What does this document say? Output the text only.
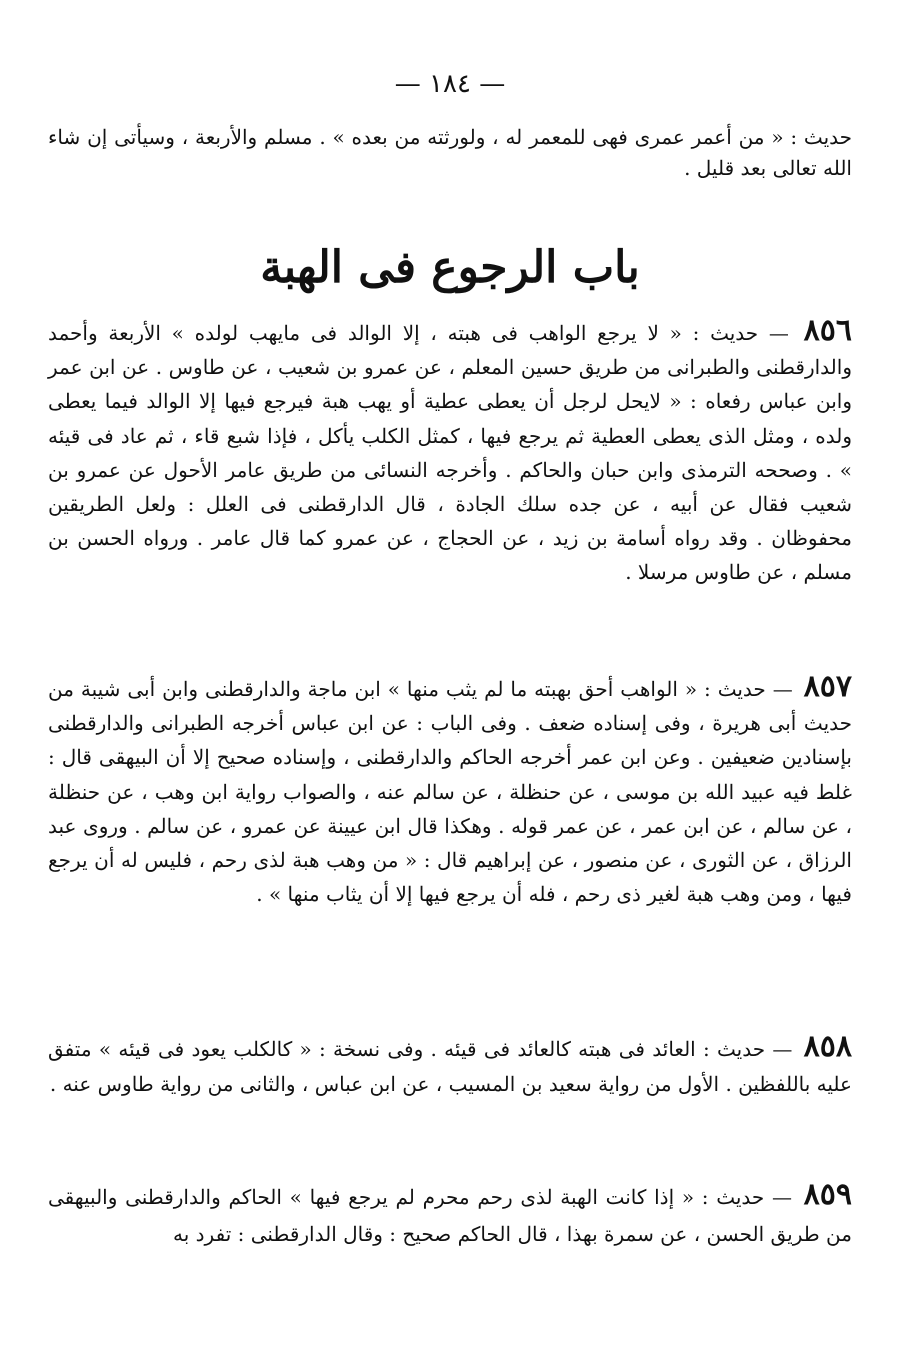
— ١٨٤ —

حديث : « من أعمر عمرى فهى للمعمر له ، ولورثته من بعده » . مسلم والأربعة ، وسيأتى إن شاء الله تعالى بعد قليل .

باب الرجوع فى الهبة

٨٥٦ — حديث : « لا يرجع الواهب فى هبته ، إلا الوالد فى مايهب لولده » الأربعة وأحمد والدارقطنى والطبرانى من طريق حسين المعلم ، عن عمرو بن شعيب ، عن طاوس . عن ابن عمر وابن عباس رفعاه : « لايحل لرجل أن يعطى عطية أو يهب هبة فيرجع فيها إلا الوالد فيما يعطى ولده ، ومثل الذى يعطى العطية ثم يرجع فيها ، كمثل الكلب يأكل ، فإذا شبع قاء ، ثم عاد فى قيئه » . وصححه الترمذى وابن حبان والحاكم . وأخرجه النسائى من طريق عامر الأحول عن عمرو بن شعيب فقال عن أبيه ، عن جده سلك الجادة ، قال الدارقطنى فى العلل : ولعل الطريقين محفوظان . وقد رواه أسامة بن زيد ، عن الحجاج ، عن عمرو كما قال عامر . ورواه الحسن بن مسلم ، عن طاوس مرسلا .

٨٥٧ — حديث : « الواهب أحق بهبته ما لم يثب منها » ابن ماجة والدارقطنى وابن أبى شيبة من حديث أبى هريرة ، وفى إسناده ضعف . وفى الباب : عن ابن عباس أخرجه الطبرانى والدارقطنى بإسنادين ضعيفين . وعن ابن عمر أخرجه الحاكم والدارقطنى ، وإسناده صحيح إلا أن البيهقى قال : غلط فيه عبيد الله بن موسى ، عن حنظلة ، عن سالم عنه ، والصواب رواية ابن وهب ، عن حنظلة ، عن سالم ، عن ابن عمر ، عن عمر قوله . وهكذا قال ابن عيينة عن عمرو ، عن سالم . وروى عبد الرزاق ، عن الثورى ، عن منصور ، عن إبراهيم قال : « من وهب هبة لذى رحم ، فليس له أن يرجع فيها ، ومن وهب هبة لغير ذى رحم ، فله أن يرجع فيها إلا أن يثاب منها » .

٨٥٨ — حديث : العائد فى هبته كالعائد فى قيئه . وفى نسخة : « كالكلب يعود فى قيئه » متفق عليه باللفظين . الأول من رواية سعيد بن المسيب ، عن ابن عباس ، والثانى من رواية طاوس عنه .

٨٥٩ — حديث : « إذا كانت الهبة لذى رحم محرم لم يرجع فيها » الحاكم والدارقطنى والبيهقى من طريق الحسن ، عن سمرة بهذا ، قال الحاكم صحيح : وقال الدارقطنى : تفرد به
